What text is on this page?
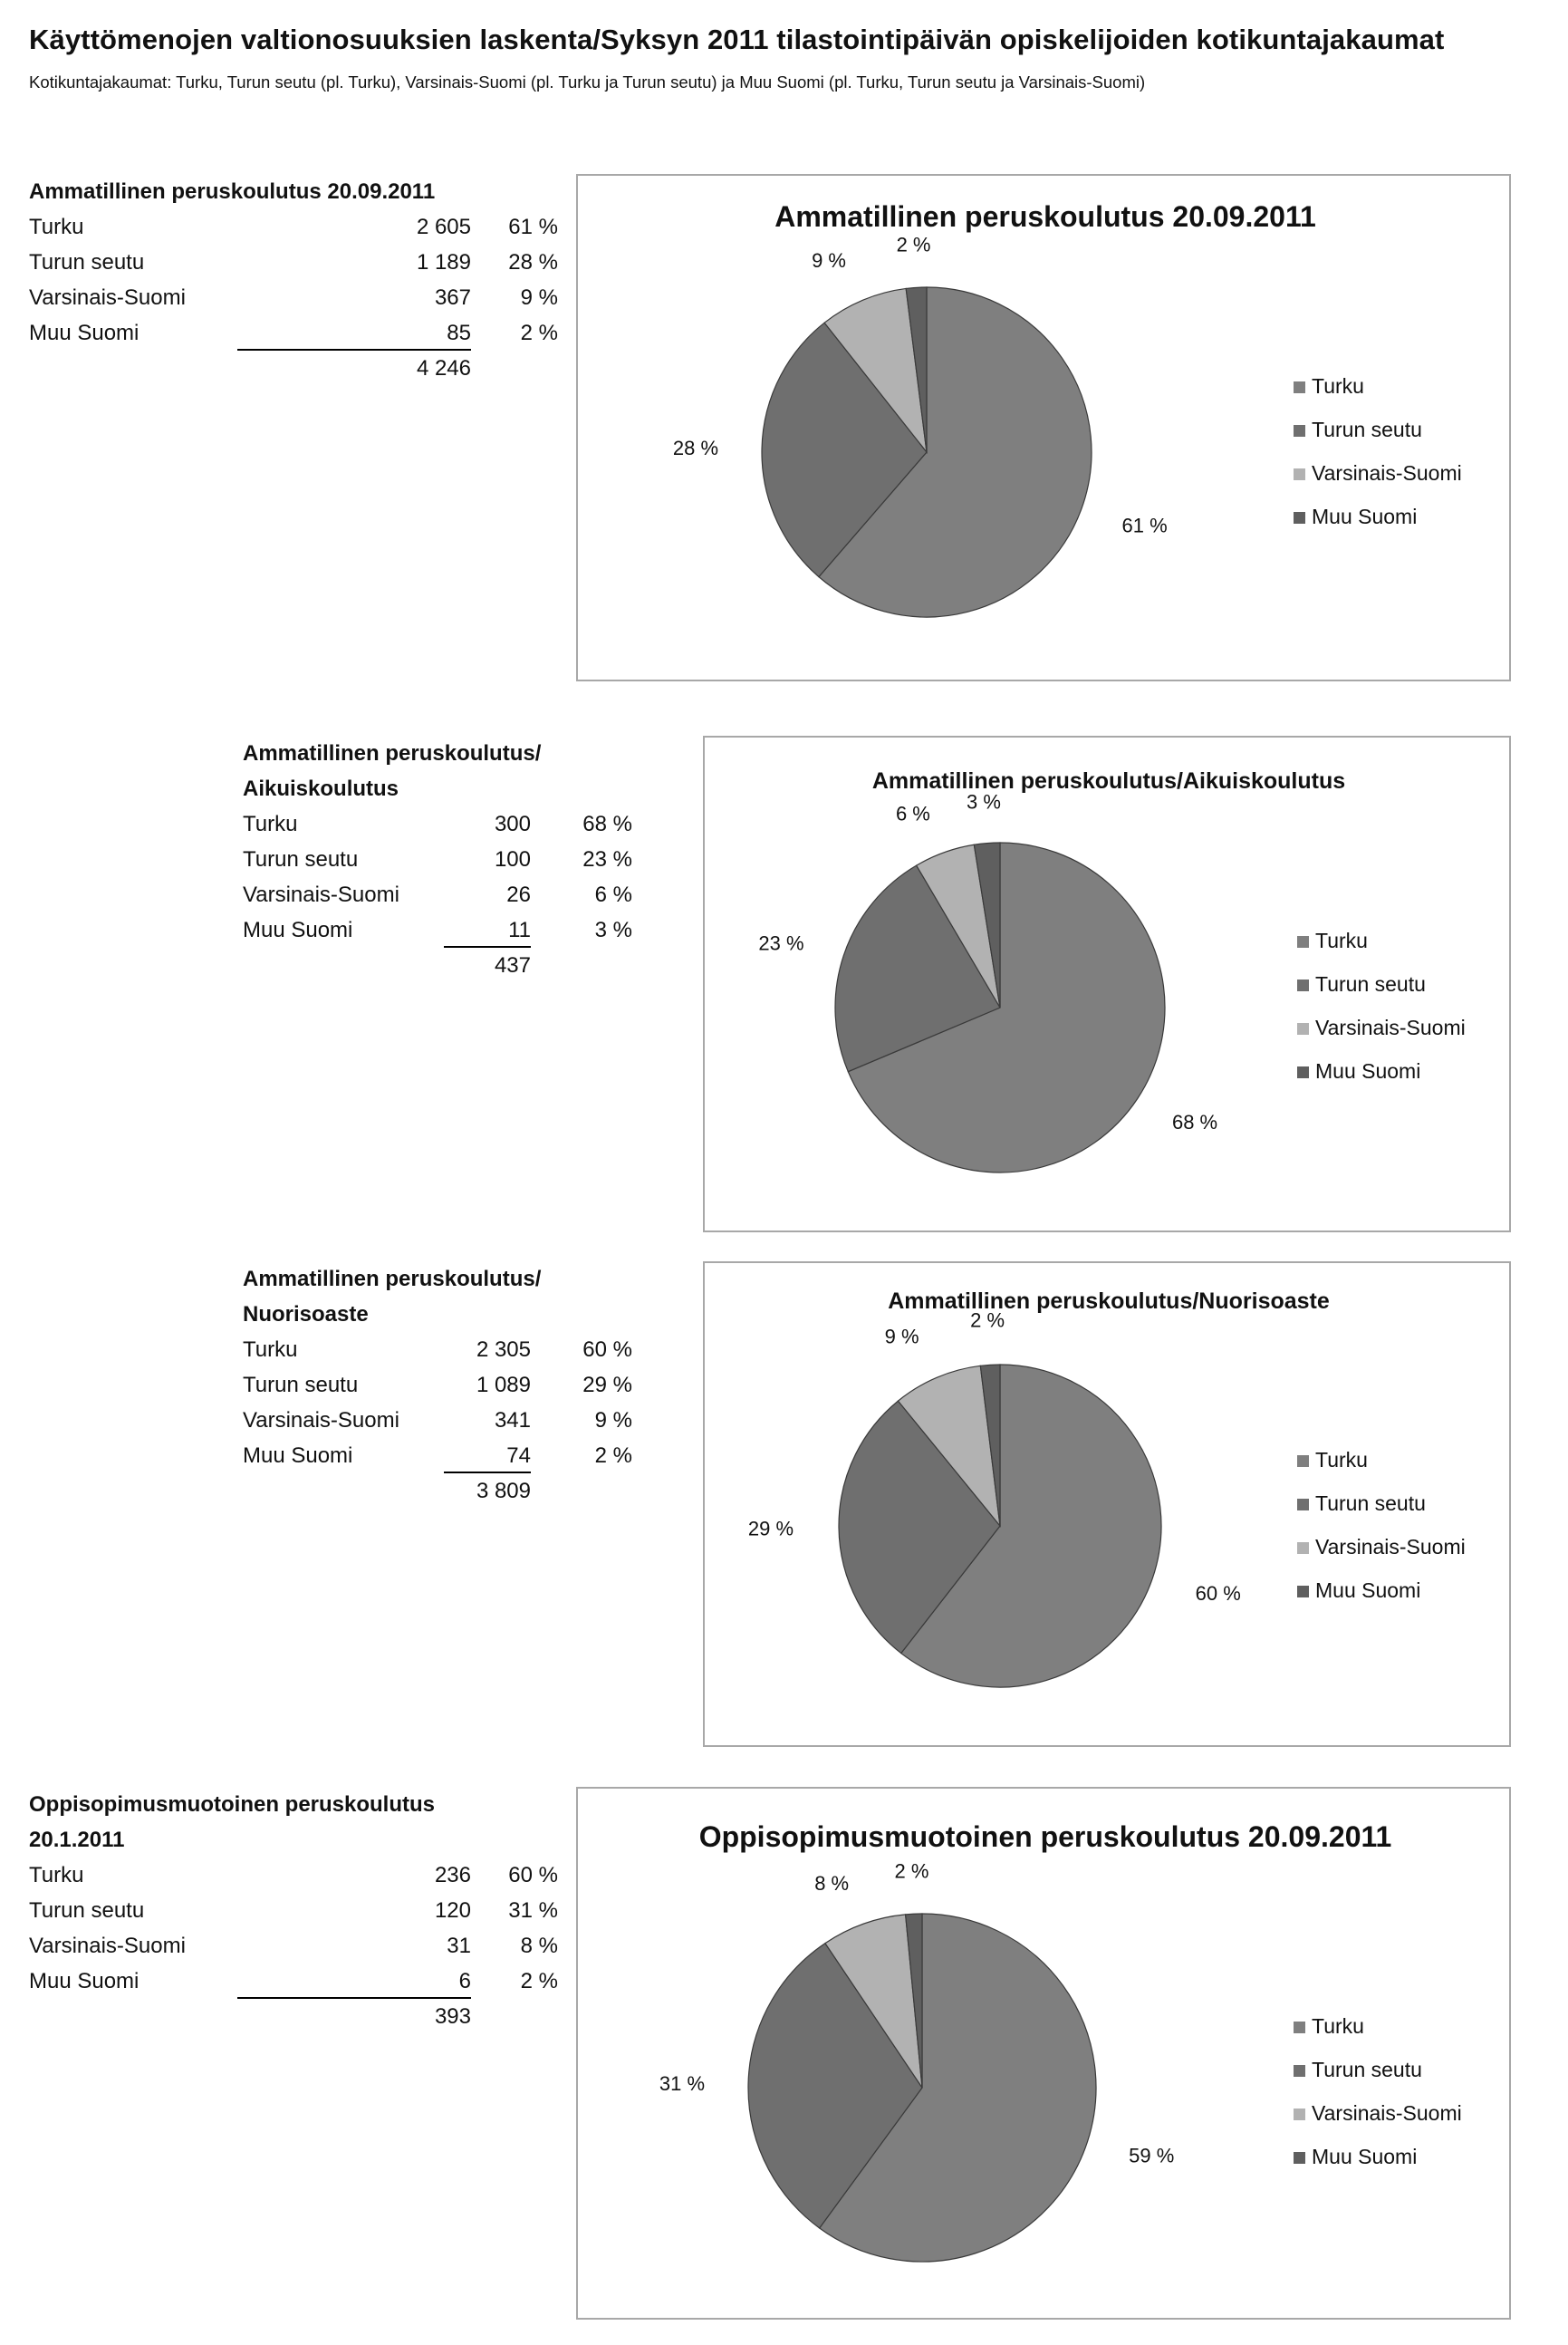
Käyttömenojen valtionosuuksien laskenta/Syksyn 2011 tilastointipäivän opiskelijoiden kotikuntajakaumat
Kotikuntajakaumat: Turku, Turun seutu (pl. Turku), Varsinais-Suomi (pl. Turku ja Turun seutu) ja Muu Suomi (pl. Turku, Turun seutu ja Varsinais-Suomi)
Ammatillinen peruskoulutus 20.09.2011
Turku	2 605 61 %
Turun seutu	1 189 28 %
Varsinais-Suomi	367 9 %
Muu Suomi	85 2 %
4 246
Ammatillinen peruskoulutus/
Aikuiskoulutus
Turku	300 68 %
Turun seutu	100 23 %
Varsinais-Suomi	26	6 %
Muu Suomi	11	3 %
437
Ammatillinen peruskoulutus/
Nuorisoaste
Turku	2 305 60 %
Turun seutu	1 089 29 %
Varsinais-Suomi	341	9 %
Muu Suomi	74	2 %
3 809
Oppisopimusmuotoinen peruskoulutus
20.1.2011
Turku	236 60 %
Turun seutu	120 31 %
Varsinais-Suomi	31 8 %
Muu Suomi	6 2 %
393
Ammatillinen peruskoulutus 20.09.2011
61 %
28 %
9 %
2 %
Turku
Turun seutu
Varsinais-Suomi
Muu Suomi
Ammatillinen peruskoulutus/Aikuiskoulutus
68 %
23 %
6 %
3 %
Turku
Turun seutu
Varsinais-Suomi
Muu Suomi
Ammatillinen peruskoulutus/Nuorisoaste
60 %
29 %
9 %
2 %
Turku
Turun seutu
Varsinais-Suomi
Muu Suomi
Oppisopimusmuotoinen peruskoulutus 20.09.2011
59 %
31 %
8 %
2 %
Turku
Turun seutu
Varsinais-Suomi
Muu Suomi
